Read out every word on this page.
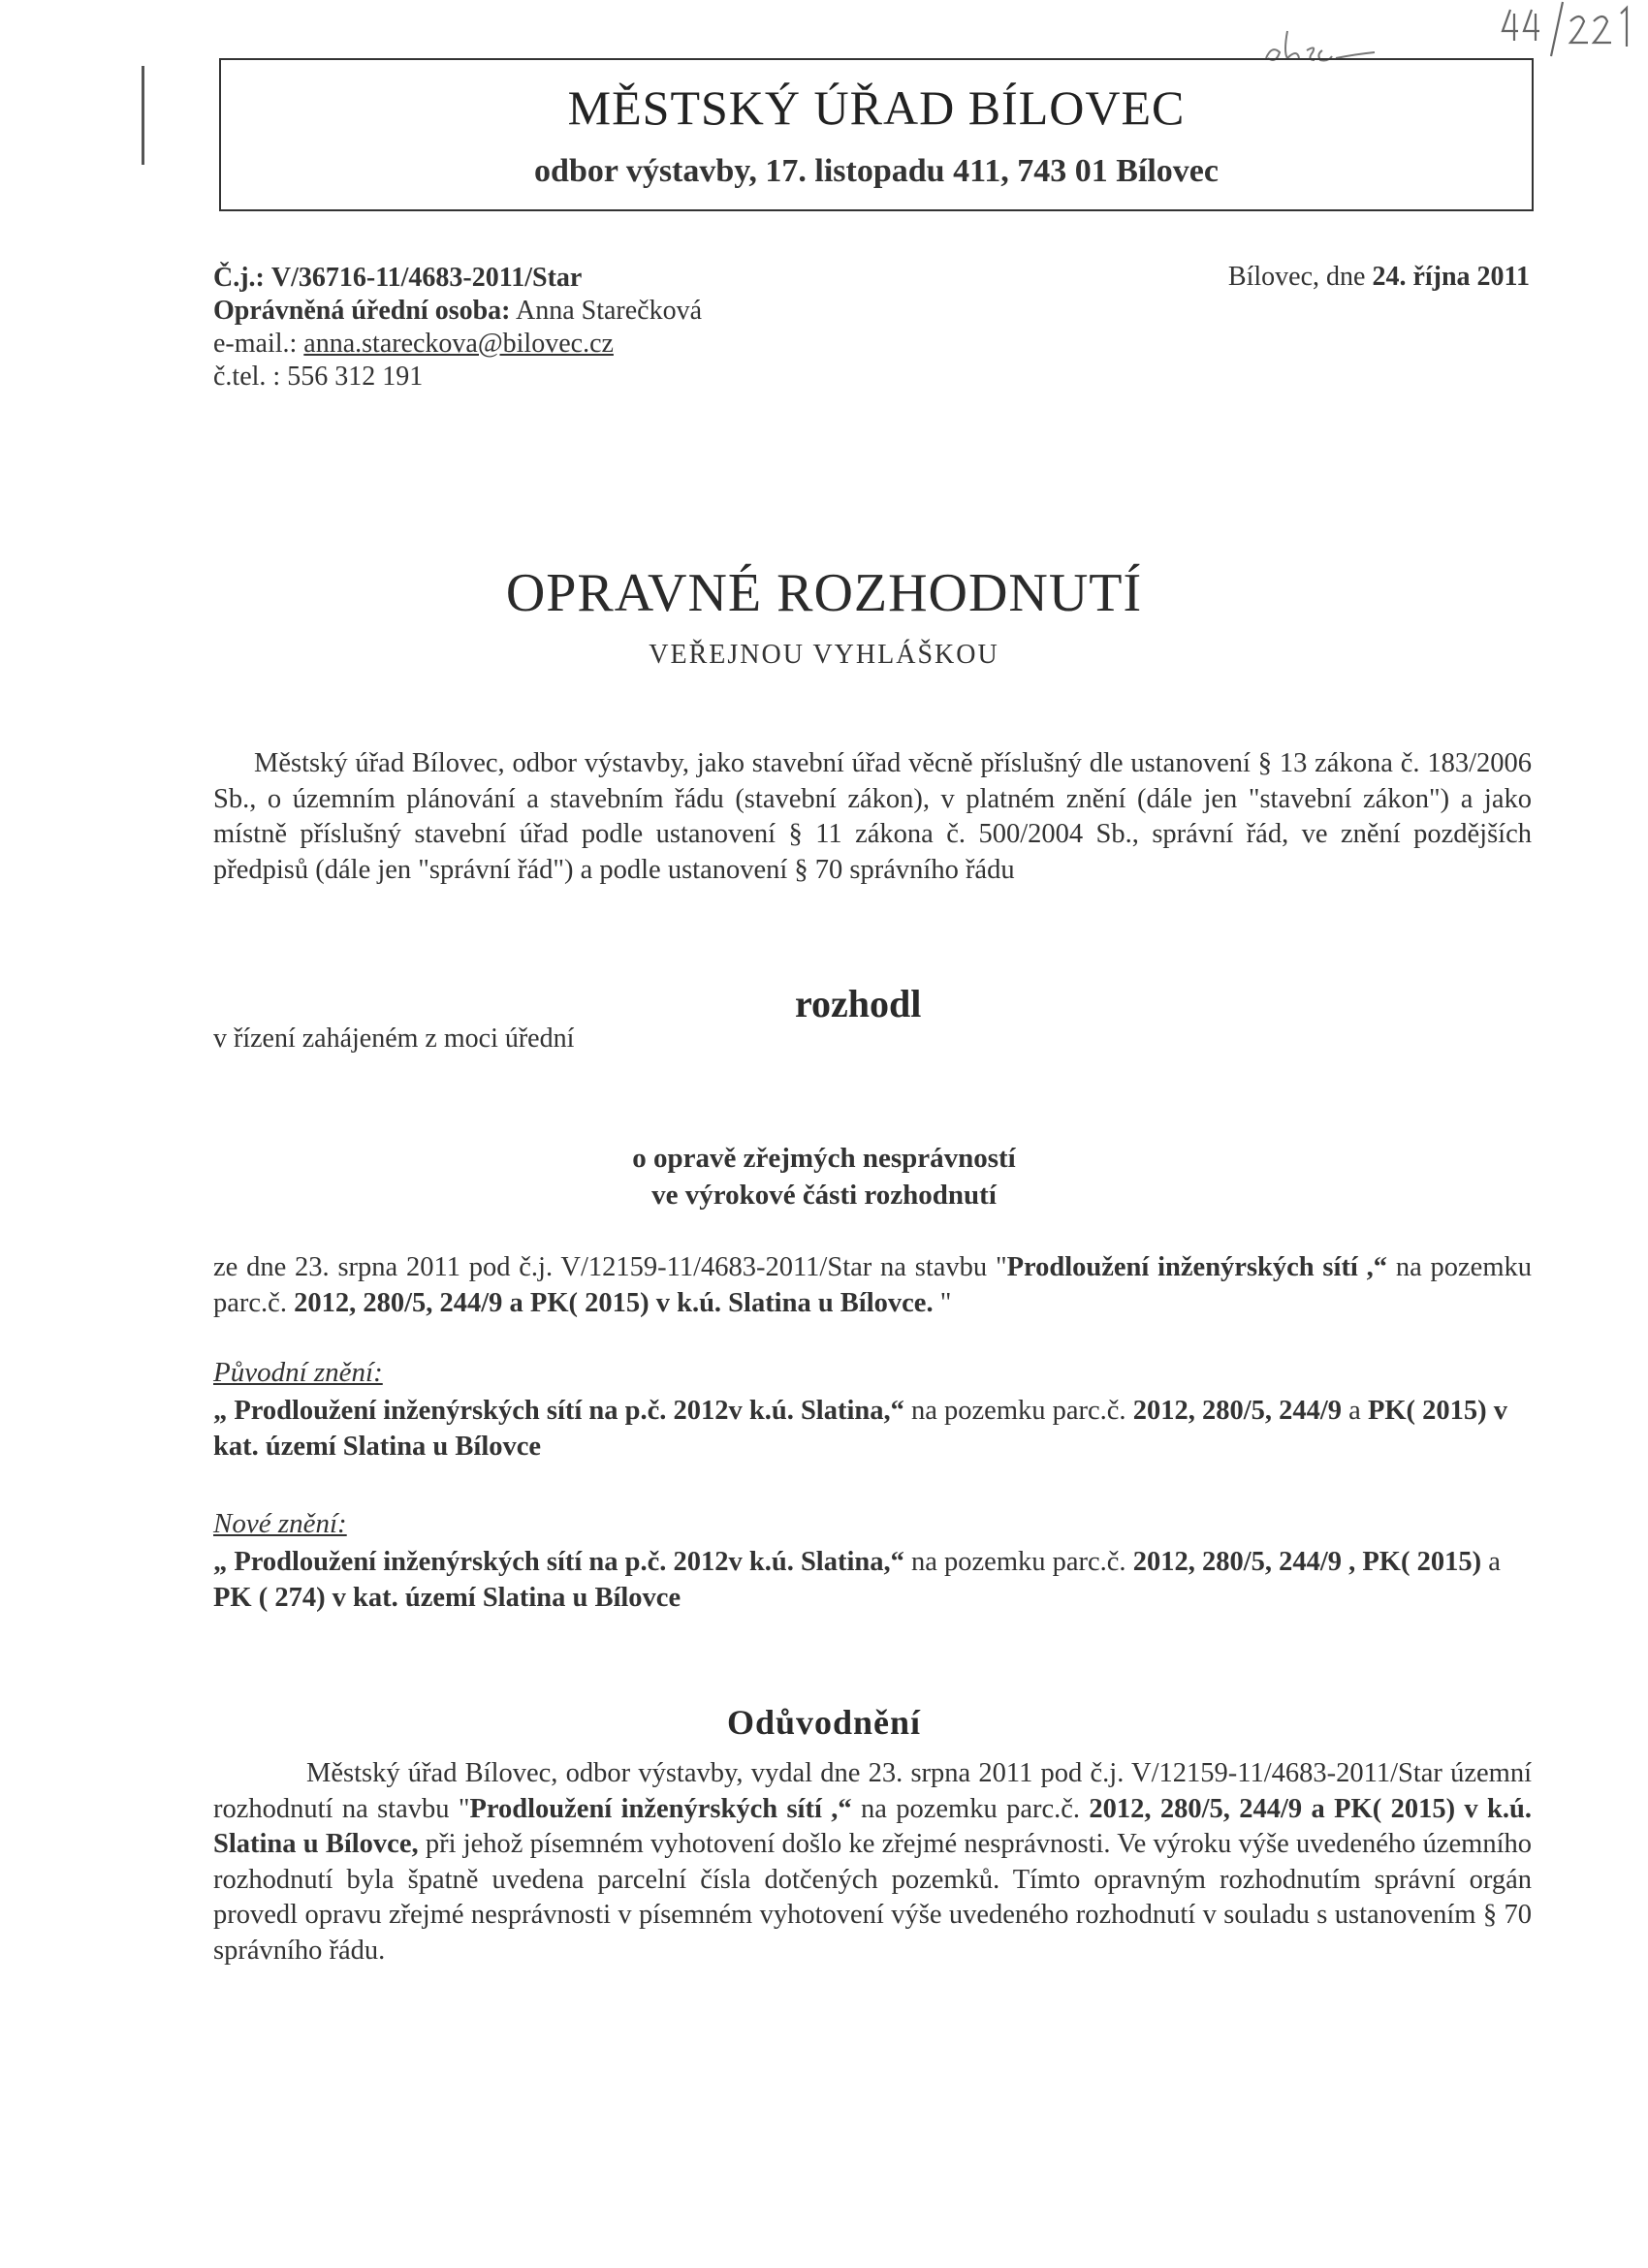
MĚSTSKÝ ÚŘAD BÍLOVEC
odbor výstavby, 17. listopadu 411, 743 01 Bílovec
Č.j.: V/36716-11/4683-2011/Star
Oprávněná úřední osoba: Anna Starečková
e-mail.: anna.stareckova@bilovec.cz
č.tel. : 556 312 191
Bílovec, dne 24. října 2011
OPRAVNÉ ROZHODNUTÍ
VEŘEJNOU VYHLÁŠKOU
Městský úřad Bílovec, odbor výstavby, jako stavební úřad věcně příslušný dle ustanovení § 13 zákona č. 183/2006 Sb., o územním plánování a stavebním řádu (stavební zákon), v platném znění (dále jen "stavební zákon") a jako místně příslušný stavební úřad podle ustanovení § 11 zákona č. 500/2004 Sb., správní řád, ve znění pozdějších předpisů (dále jen "správní řád") a podle ustanovení § 70 správního řádu
rozhodl
v řízení zahájeném z moci úřední
o opravě zřejmých nesprávností
ve výrokové části rozhodnutí
ze dne 23. srpna 2011 pod č.j. V/12159-11/4683-2011/Star na stavbu "Prodloužení inženýrských sítí ,“ na pozemku parc.č. 2012, 280/5, 244/9 a PK( 2015) v k.ú. Slatina u Bílovce. "
Původní znění:
„ Prodloužení inženýrských sítí na p.č. 2012v k.ú. Slatina,“ na pozemku parc.č. 2012, 280/5, 244/9 a PK( 2015) v kat. území Slatina u Bílovce
Nové znění:
„ Prodloužení inženýrských sítí na p.č. 2012v k.ú. Slatina,“ na pozemku parc.č. 2012, 280/5, 244/9 , PK( 2015) a PK ( 274) v kat. území Slatina u Bílovce
Odůvodnění
Městský úřad Bílovec, odbor výstavby, vydal dne 23. srpna 2011 pod č.j. V/12159-11/4683-2011/Star územní rozhodnutí na stavbu "Prodloužení inženýrských sítí ,“ na pozemku parc.č. 2012, 280/5, 244/9 a PK( 2015) v k.ú. Slatina u Bílovce, při jehož písemném vyhotovení došlo ke zřejmé nesprávnosti. Ve výroku výše uvedeného územního rozhodnutí byla špatně uvedena parcelní čísla dotčených pozemků. Tímto opravným rozhodnutím správní orgán provedl opravu zřejmé nesprávnosti v písemném vyhotovení výše uvedeného rozhodnutí v souladu s ustanovením § 70 správního řádu.
